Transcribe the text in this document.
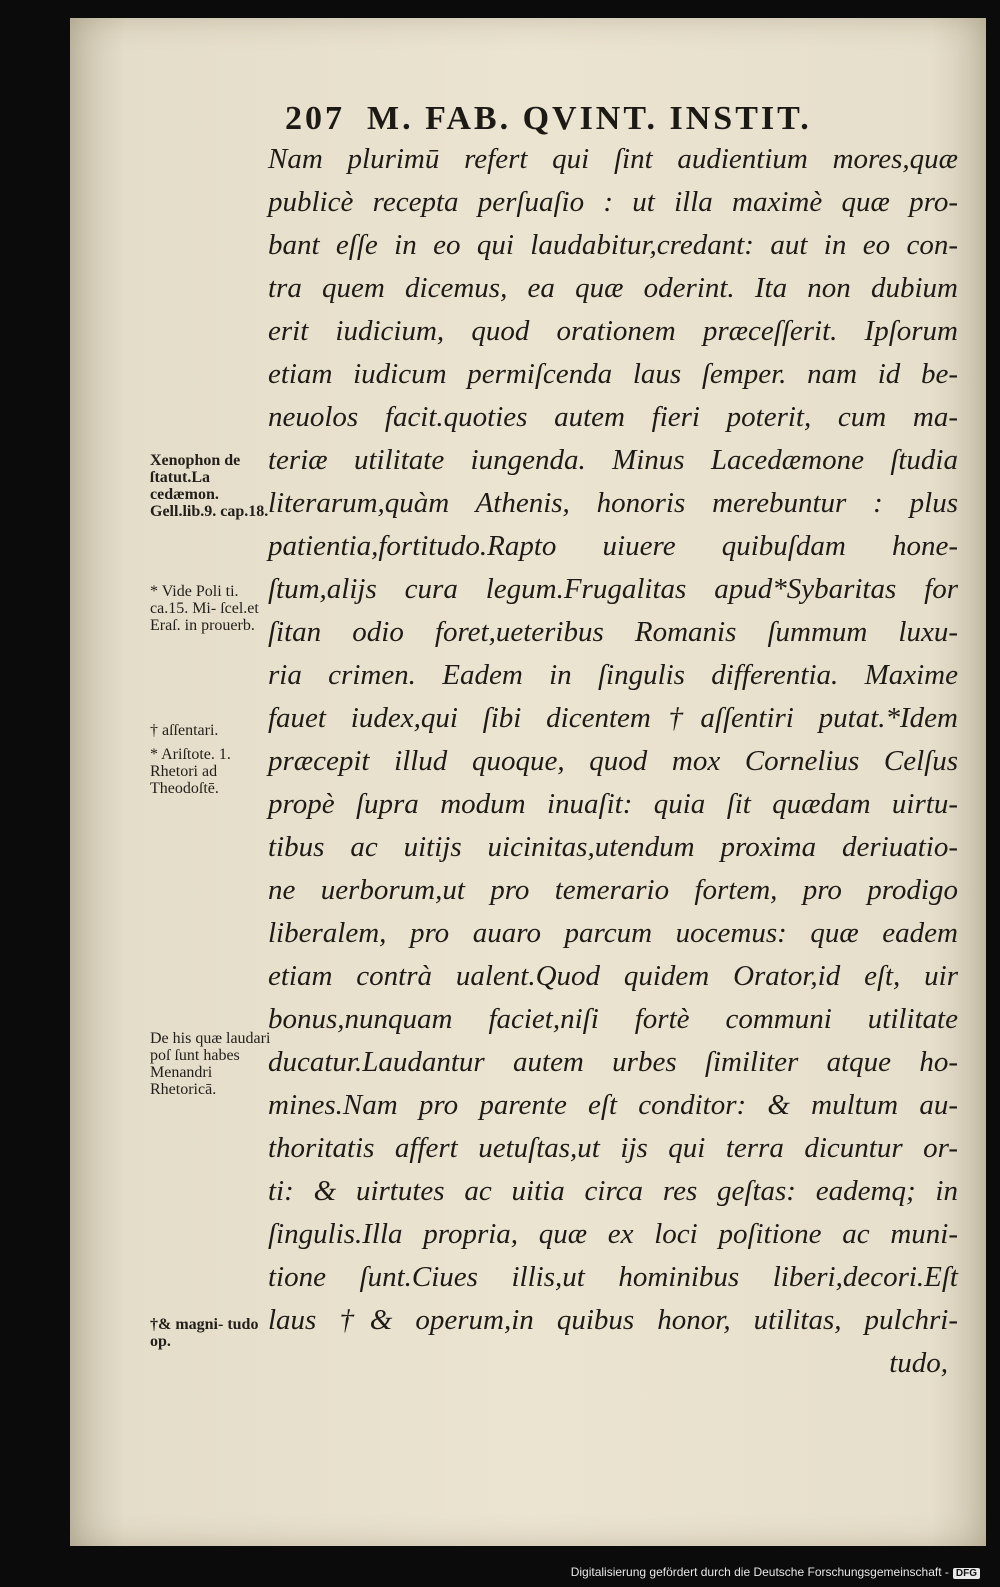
207 M. FAB. QVINT. INSTIT.
Nam plurimū refert qui ſint audientium mores,quæ
publicè recepta perſuaſio : ut illa maximè quæ pro-
bant eſſe in eo qui laudabitur,credant: aut in eo con-
tra quem dicemus, ea quæ oderint. Ita non dubium
erit iudicium, quod orationem præceſſerit. Ipſorum
etiam iudicum permiſcenda laus ſemper. nam id be-
neuolos facit.quoties autem fieri poterit, cum ma-
teriæ utilitate iungenda. Minus Lacedæmone ſtudia
literarum,quàm Athenis, honoris merebuntur : plus
patientia,fortitudo.Rapto uiuere quibuſdam hone-
ſtum,alijs cura legum.Frugalitas apud*Sybaritas for
ſitan odio foret,ueteribus Romanis ſummum luxu-
ria crimen. Eadem in ſingulis differentia. Maxime
fauet iudex,qui ſibi dicentem†aſſentiri putat.*Idem
præcepit illud quoque, quod mox Cornelius Celſus
propè ſupra modum inuaſit: quia ſit quædam uirtu-
tibus ac uitijs uicinitas,utendum proxima deriuatio-
ne uerborum,ut pro temerario fortem, pro prodigo
liberalem, pro auaro parcum uocemus: quæ eadem
etiam contrà ualent.Quod quidem Orator,id eſt, uir
bonus,nunquam faciet,niſi fortè communi utilitate
ducatur.Laudantur autem urbes ſimiliter atque ho-
mines.Nam pro parente eſt conditor: & multum au-
thoritatis affert uetuſtas,ut ijs qui terra dicuntur or-
ti: & uirtutes ac uitia circa res geſtas: eademq; in
ſingulis.Illa propria, quæ ex loci poſitione ac muni-
tione ſunt.Ciues illis,ut hominibus liberi,decori.Eſt
laus †& operum,in quibus honor, utilitas, pulchri-
tudo,
Xenophon de ſtatut.La cedæmon. Gell.lib.9. cap.18.
* Vide Poli ti. ca.15. Mi- ſcel.et Eraſ. in prouerb.
† aſſentari.
* Ariſtote. 1. Rhetori ad Theodoſtē.
De his quæ laudari poſ ſunt habes Menandri Rhetoricā.
†& magni- tudo op.
Digitalisierung gefördert durch die Deutsche Forschungsgemeinschaft - DFG
